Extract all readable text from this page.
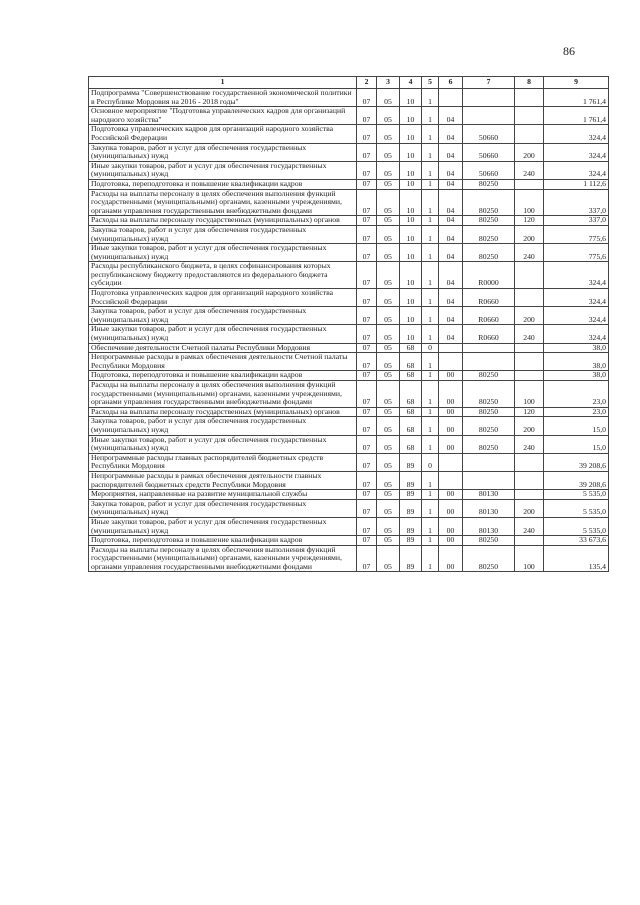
86
1	2	3	4	5	6	7	8	9
Подпрограмма "Совершенствование государственной экономической политики в Республике Мордовия на 2016 - 2018 годы"	07	05	10	1				1 761,4
Основное мероприятие "Подготовка управленческих кадров для организаций народного хозяйства"	07	05	10	1	04			1 761,4
Подготовка управленческих кадров для организаций народного хозяйства Российской Федерации	07	05	10	1	04	50660		324,4
Закупка товаров, работ и услуг для обеспечения государственных (муниципальных) нужд	07	05	10	1	04	50660	200	324,4
Иные закупки товаров, работ и услуг для обеспечения государственных (муниципальных) нужд	07	05	10	1	04	50660	240	324,4
Подготовка, переподготовка и повышение квалификации кадров	07	05	10	1	04	80250		1 112,6
Расходы на выплаты персоналу в целях обеспечения выполнения функций государственными (муниципальными) органами, казенными учреждениями, органами управления государственными внебюджетными фондами	07	05	10	1	04	80250	100	337,0
Расходы на выплаты персоналу государственных (муниципальных) органов	07	05	10	1	04	80250	120	337,0
Закупка товаров, работ и услуг для обеспечения государственных (муниципальных) нужд	07	05	10	1	04	80250	200	775,6
Иные закупки товаров, работ и услуг для обеспечения государственных (муниципальных) нужд	07	05	10	1	04	80250	240	775,6
Расходы республиканского бюджета, в целях софинансирования которых республиканскому бюджету предоставляются из федерального бюджета субсидии	07	05	10	1	04	R0000		324,4
Подготовка управленческих кадров для организаций народного хозяйства Российской Федерации	07	05	10	1	04	R0660		324,4
Закупка товаров, работ и услуг для обеспечения государственных (муниципальных) нужд	07	05	10	1	04	R0660	200	324,4
Иные закупки товаров, работ и услуг для обеспечения государственных (муниципальных) нужд	07	05	10	1	04	R0660	240	324,4
Обеспечение деятельности Счетной палаты Республики Мордовия	07	05	68	0				38,0
Непрограммные расходы в рамках обеспечения деятельности Счетной палаты Республики Мордовия	07	05	68	1				38,0
Подготовка, переподготовка и повышение квалификации кадров	07	05	68	1	00	80250		38,0
Расходы на выплаты персоналу в целях обеспечения выполнения функций государственными (муниципальными) органами, казенными учреждениями, органами управления государственными внебюджетными фондами	07	05	68	1	00	80250	100	23,0
Расходы на выплаты персоналу государственных (муниципальных) органов	07	05	68	1	00	80250	120	23,0
Закупка товаров, работ и услуг для обеспечения государственных (муниципальных) нужд	07	05	68	1	00	80250	200	15,0
Иные закупки товаров, работ и услуг для обеспечения государственных (муниципальных) нужд	07	05	68	1	00	80250	240	15,0
Непрограммные расходы главных распорядителей бюджетных средств Республики Мордовия	07	05	89	0				39 208,6
Непрограммные расходы в рамках обеспечения деятельности главных распорядителей бюджетных средств Республики Мордовия	07	05	89	1				39 208,6
Мероприятия, направленные на развитие муниципальной службы	07	05	89	1	00	80130		5 535,0
Закупка товаров, работ и услуг для обеспечения государственных (муниципальных) нужд	07	05	89	1	00	80130	200	5 535,0
Иные закупки товаров, работ и услуг для обеспечения государственных (муниципальных) нужд	07	05	89	1	00	80130	240	5 535,0
Подготовка, переподготовка и повышение квалификации кадров	07	05	89	1	00	80250		33 673,6
Расходы на выплаты персоналу в целях обеспечения выполнения функций государственными (муниципальными) органами, казенными учреждениями, органами управления государственными внебюджетными фондами	07	05	89	1	00	80250	100	135,4
